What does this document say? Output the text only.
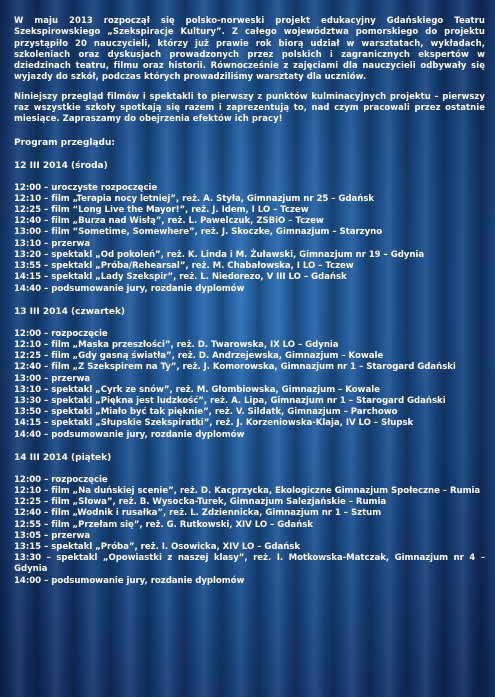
W maju 2013 rozpoczął się polsko-norweski projekt edukacyjny Gdańskiego Teatru Szekspirowskiego „Szekspiracje Kultury”. Z całego województwa pomorskiego do projektu przystąpiło 20 nauczycieli, którzy już prawie rok biorą udział w warsztatach, wykładach, szkoleniach oraz dyskusjach prowadzonych przez polskich i zagranicznych ekspertów w dziedzinach teatru, filmu oraz historii. Równocześnie z zajęciami dla nauczycieli odbywały się wyjazdy do szkół, podczas których prowadziliśmy warsztaty dla uczniów.

Niniejszy przegląd filmów i spektakli to pierwszy z punktów kulminacyjnych projektu – pierwszy raz wszystkie szkoły spotkają się razem i zaprezentują to, nad czym pracowali przez ostatnie miesiące. Zapraszamy do obejrzenia efektów ich pracy!

Program przeglądu:

12 III 2014 (środa)

12:00 – uroczyste rozpoczęcie
12:10 – film „Terapia nocy letniej”, reż. A. Styła, Gimnazjum nr 25 – Gdańsk
12:25 – film “Long Live the Mayor!”, reż. J. Idem, I LO – Tczew
12:40 – film „Burza nad Wisłą”, reż. L. Pawelczuk, ZSBiO – Tczew
13:00 – film “Sometime, Somewhere”, reż. J. Skoczke, Gimnazjum – Starzyno
13:10 – przerwa
13:20 – spektakl „Od pokoleń”, reż. K. Linda i M. Żuławski, Gimnazjum nr 19 – Gdynia
13:55 – spektakl „Próba/Rehearsal”, reż. M. Chabałowska, I LO – Tczew
14:15 – spektakl „Lady Szekspir”, reż. L. Niedorezo, V III LO – Gdańsk
14:40 – podsumowanie jury, rozdanie dyplomów

13 III 2014 (czwartek)

12:00 – rozpoczęcie
12:10 – film „Maska przeszłości”, reż. D. Twarowska, IX LO – Gdynia
12:25 – film „Gdy gasną światła”, reż. D. Andrzejewska, Gimnazjum – Kowale
12:40 – film „Z Szekspirem na Ty”, reż. J. Komorowska, Gimnazjum nr 1 – Starogard Gdański
13:00 – przerwa
13:10 – spektakl „Cyrk ze snów”, reż. M. Głombiowska, Gimnazjum – Kowale
13:30 – spektakl „Piękna jest ludzkość”, reż. A. Lipa, Gimnazjum nr 1 – Starogard Gdański
13:50 – spektakl „Miało być tak pięknie”, reż. V. Sildatk, Gimnazjum – Parchowo
14:15 – spektakl „Słupskie Szekspiratki”, reż. J. Korzeniowska-Klaja, IV LO – Słupsk
14:40 – podsumowanie jury, rozdanie dyplomów

14 III 2014 (piątek)

12:00 – rozpoczęcie
12:10 – film „Na duńskiej scenie”, reż. D. Kacprzycka, Ekologiczne Gimnazjum Społeczne – Rumia
12:25 – film „Słowa”, reż. B. Wysocka-Turek, Gimnazjum Salezjańskie – Rumia
12:40 – film „Wodnik i rusałka”, reż. L. Zdziennicka, Gimnazjum nr 1 – Sztum
12:55 – film „Przełam się”, reż. G. Rutkowski, XIV LO – Gdańsk
13:05 – przerwa
13:15 – spektakl „Próba”, reż. I. Osowicka, XIV LO – Gdańsk
13:30 – spektakl „Opowiastki z naszej klasy”, reż. I. Motkowska-Matczak, Gimnazjum nr 4 – Gdynia
14:00 – podsumowanie jury, rozdanie dyplomów
